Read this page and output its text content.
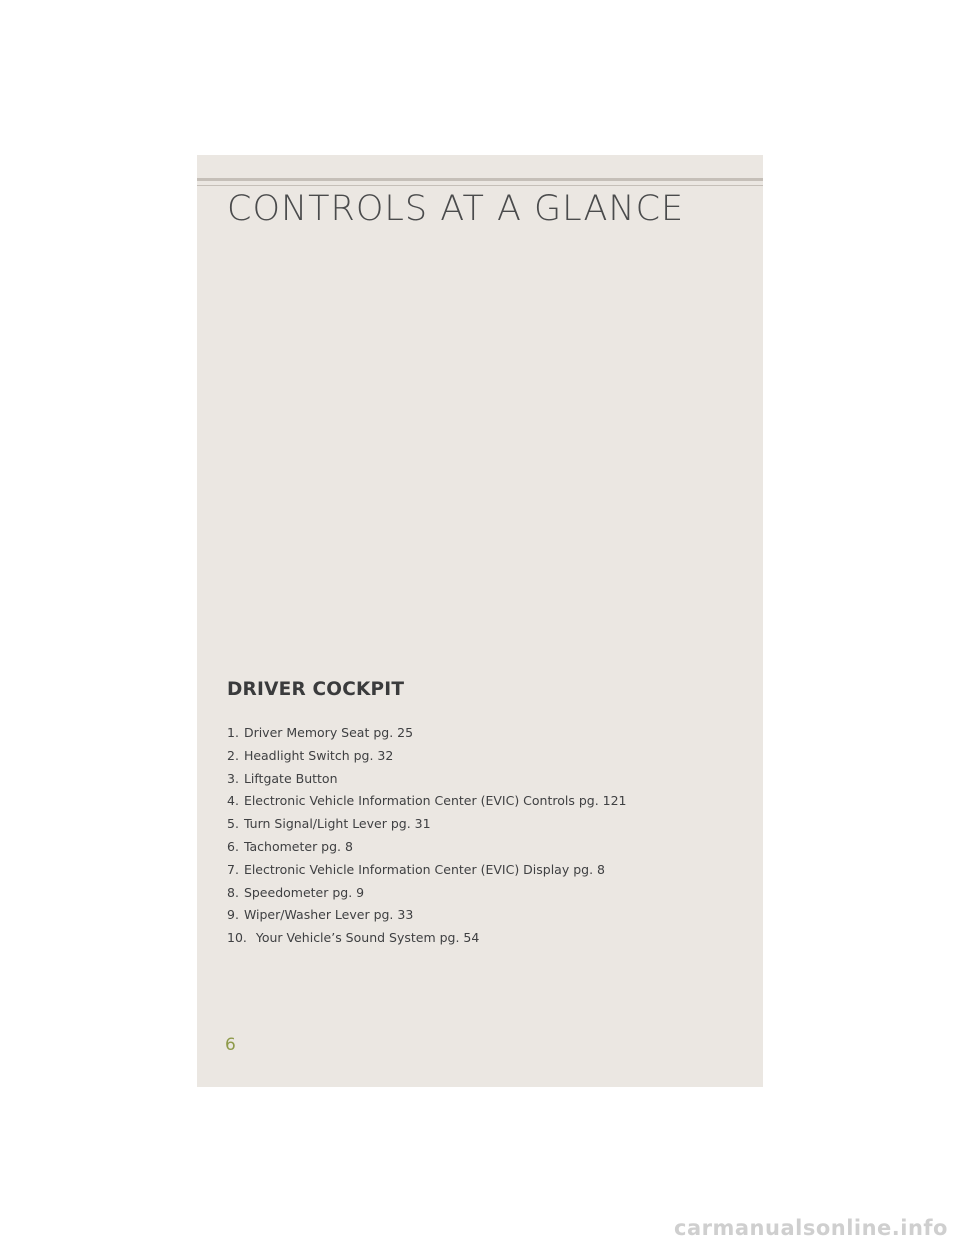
CONTROLS AT A GLANCE
DRIVER COCKPIT
1. Driver Memory Seat pg. 25
2. Headlight Switch pg. 32
3. Liftgate Button
4. Electronic Vehicle Information Center (EVIC) Controls pg. 121
5. Turn Signal/Light Lever pg. 31
6. Tachometer pg. 8
7. Electronic Vehicle Information Center (EVIC) Display pg. 8
8. Speedometer pg. 9
9. Wiper/Washer Lever pg. 33
10. Your Vehicle’s Sound System pg. 54
6
carmanualsonline.info
